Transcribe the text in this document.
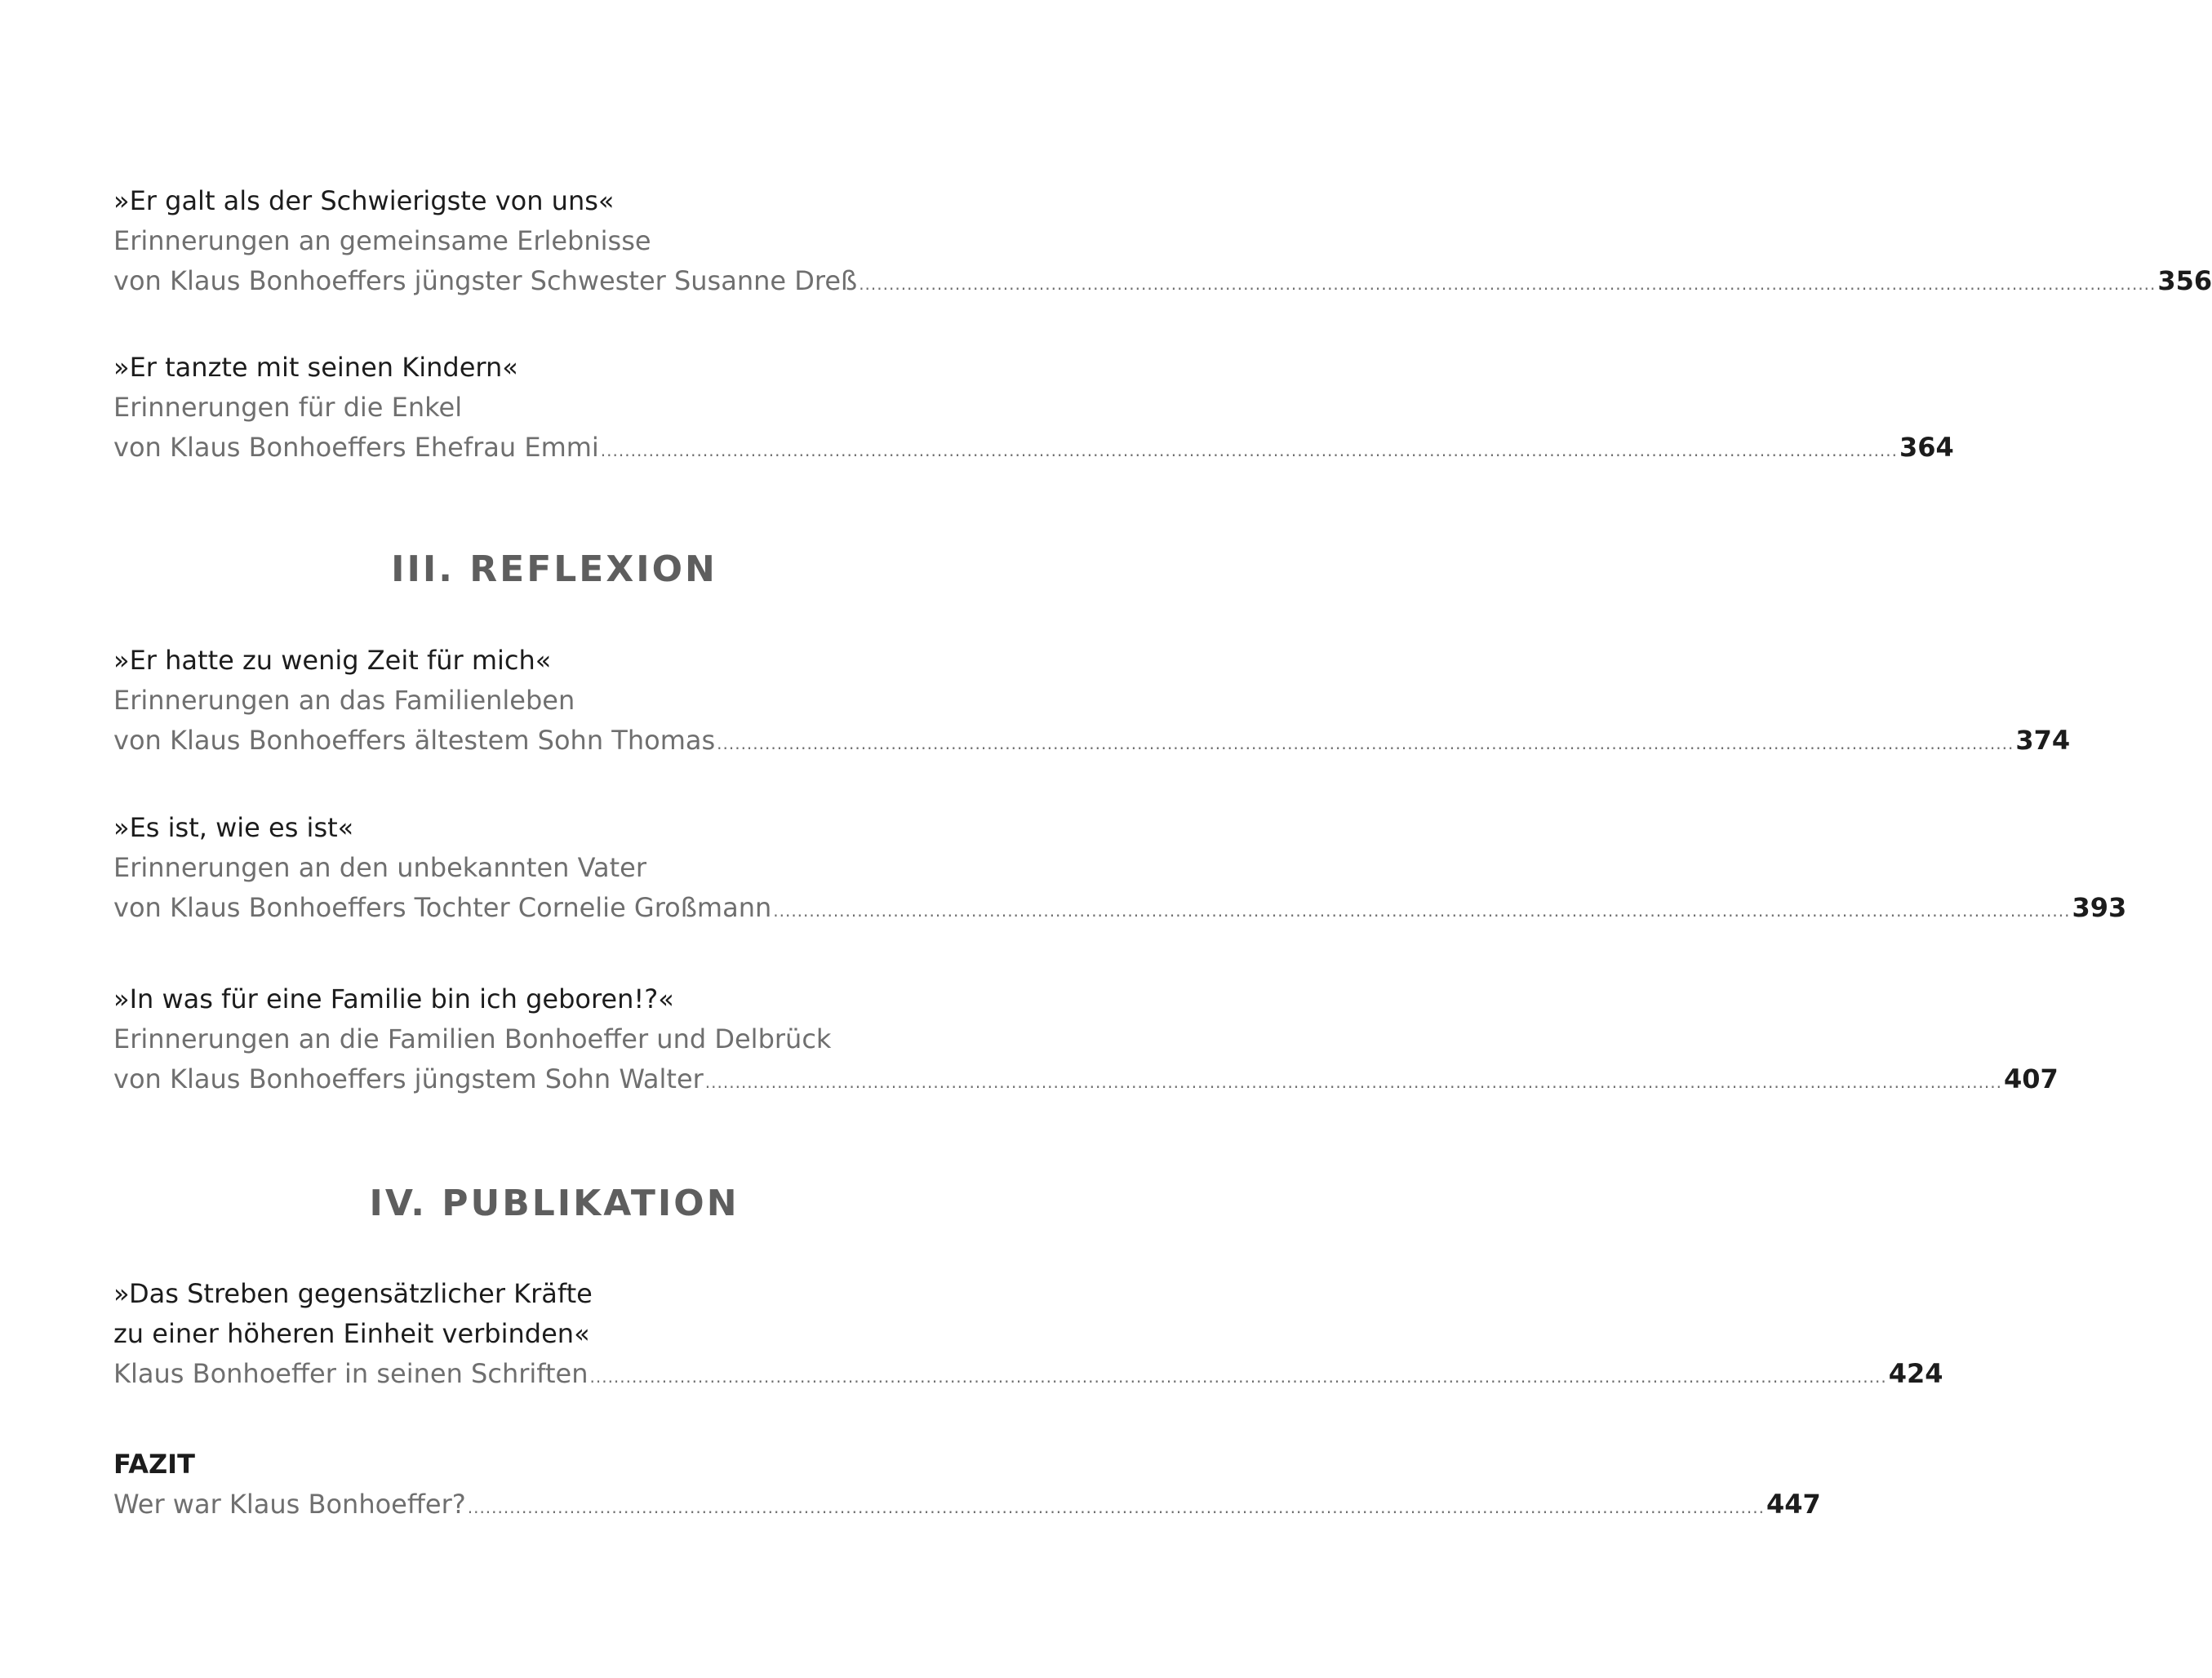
»Er galt als der Schwierigste von uns«
Erinnerungen an gemeinsame Erlebnisse
von Klaus Bonhoeffers jüngster Schwester Susanne Dreß ........................................................................................................................................................................................................................ 356
»Er tanzte mit seinen Kindern«
Erinnerungen für die Enkel
von Klaus Bonhoeffers Ehefrau Emmi ........................................................................................................................................................................................................................ 364
III. REFLEXION
»Er hatte zu wenig Zeit für mich«
Erinnerungen an das Familienleben
von Klaus Bonhoeffers ältestem Sohn Thomas ........................................................................................................................................................................................................................ 374
»Es ist, wie es ist«
Erinnerungen an den unbekannten Vater
von Klaus Bonhoeffers Tochter Cornelie Großmann ........................................................................................................................................................................................................................ 393
»In was für eine Familie bin ich geboren!?«
Erinnerungen an die Familien Bonhoeffer und Delbrück
von Klaus Bonhoeffers jüngstem Sohn Walter ........................................................................................................................................................................................................................ 407
IV. PUBLIKATION
»Das Streben gegensätzlicher Kräfte
zu einer höheren Einheit verbinden«
Klaus Bonhoeffer in seinen Schriften ........................................................................................................................................................................................................................ 424
FAZIT
Wer war Klaus Bonhoeffer? ........................................................................................................................................................................................................................ 447
